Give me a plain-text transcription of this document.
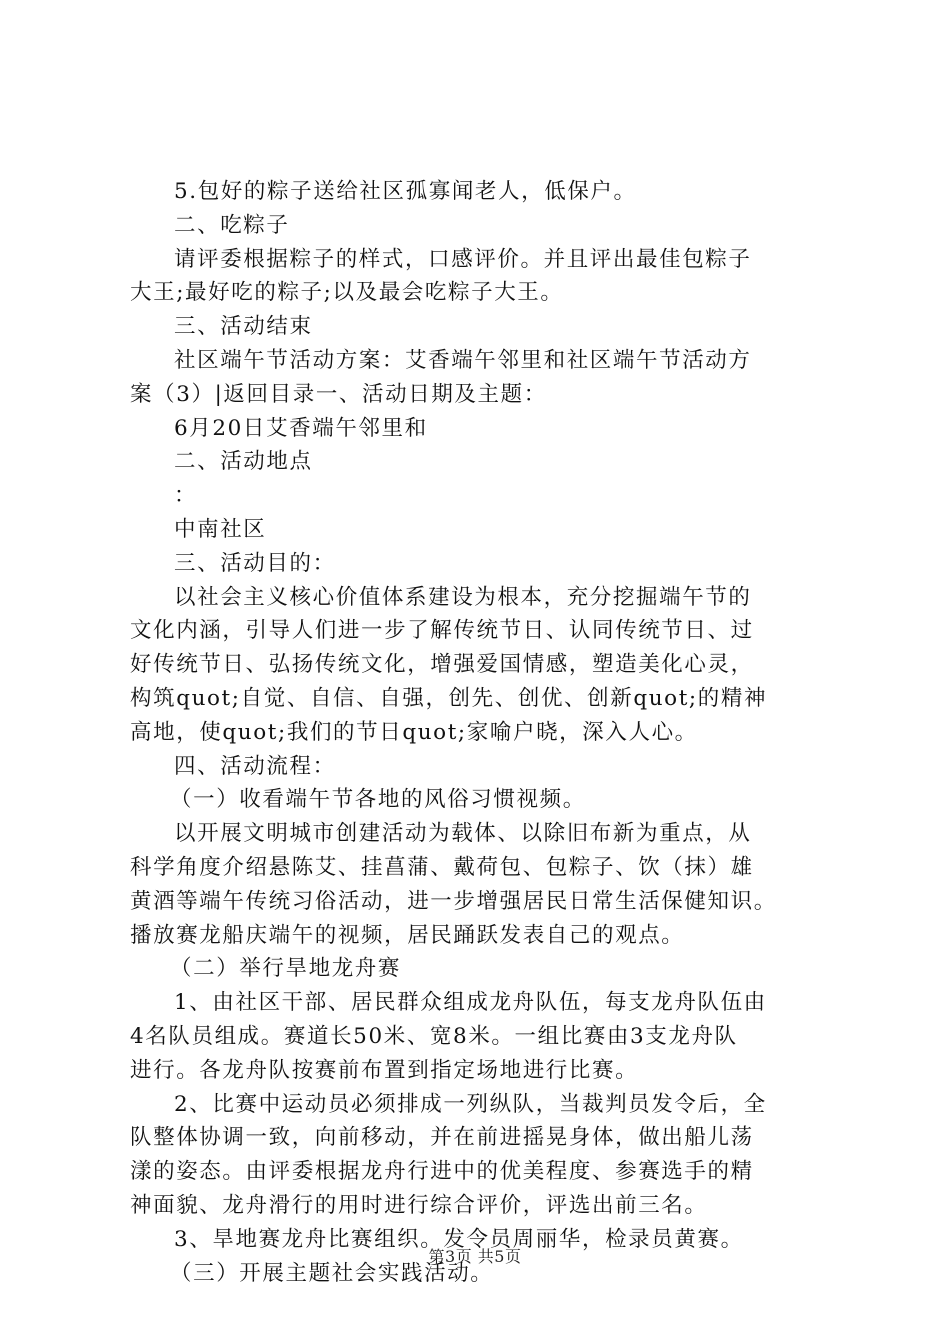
5.包好的粽子送给社区孤寡闻老人，低保户。
二、吃粽子
请评委根据粽子的样式，口感评价。并且评出最佳包粽子
大王;最好吃的粽子;以及最会吃粽子大王。
三、活动结束
社区端午节活动方案：艾香端午邻里和社区端午节活动方
案（3）|返回目录一、活动日期及主题：
6月20日艾香端午邻里和
二、活动地点
：
中南社区
三、活动目的：
以社会主义核心价值体系建设为根本，充分挖掘端午节的
文化内涵，引导人们进一步了解传统节日、认同传统节日、过
好传统节日、弘扬传统文化，增强爱国情感，塑造美化心灵，
构筑quot;自觉、自信、自强，创先、创优、创新quot;的精神
高地，使quot;我们的节日quot;家喻户晓，深入人心。
四、活动流程：
（一）收看端午节各地的风俗习惯视频。
以开展文明城市创建活动为载体、以除旧布新为重点，从
科学角度介绍悬陈艾、挂菖蒲、戴荷包、包粽子、饮（抹）雄
黄酒等端午传统习俗活动，进一步增强居民日常生活保健知识。
播放赛龙船庆端午的视频，居民踊跃发表自己的观点。
（二）举行旱地龙舟赛
1、由社区干部、居民群众组成龙舟队伍，每支龙舟队伍由
4名队员组成。赛道长50米、宽8米。一组比赛由3支龙舟队
进行。各龙舟队按赛前布置到指定场地进行比赛。
2、比赛中运动员必须排成一列纵队，当裁判员发令后，全
队整体协调一致，向前移动，并在前进摇晃身体，做出船儿荡
漾的姿态。由评委根据龙舟行进中的优美程度、参赛选手的精
神面貌、龙舟滑行的用时进行综合评价，评选出前三名。
3、旱地赛龙舟比赛组织。发令员周丽华，检录员黄赛。
（三）开展主题社会实践活动。
第3页 共5页
